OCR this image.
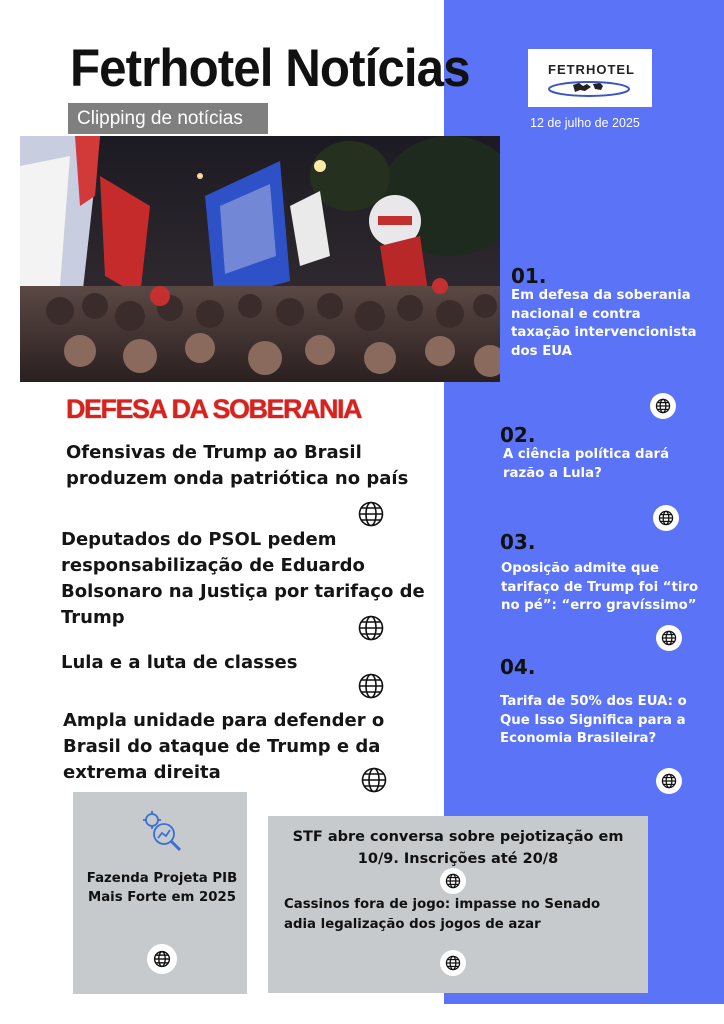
Fetrhotel Notícias
Clipping de notícias
FETRHOTEL
12 de julho de 2025
DEFESA DA SOBERANIA
Ofensivas de Trump ao Brasil produzem onda patriótica no país
Deputados do PSOL pedem responsabilização de Eduardo Bolsonaro na Justiça por tarifaço de Trump
Lula e a luta de classes
Ampla unidade para defender o Brasil do ataque de Trump e da extrema direita
01.
Em defesa da soberania nacional e contra taxação intervencionista dos EUA
02.
A ciência política dará razão a Lula?
03.
Oposição admite que tarifaço de Trump foi “tiro no pé”: “erro gravíssimo”
04.
Tarifa de 50% dos EUA: o Que Isso Significa para a Economia Brasileira?
Fazenda Projeta PIB Mais Forte em 2025
STF abre conversa sobre pejotização em 10/9. Inscrições até 20/8
Cassinos fora de jogo: impasse no Senado adia legalização dos jogos de azar
